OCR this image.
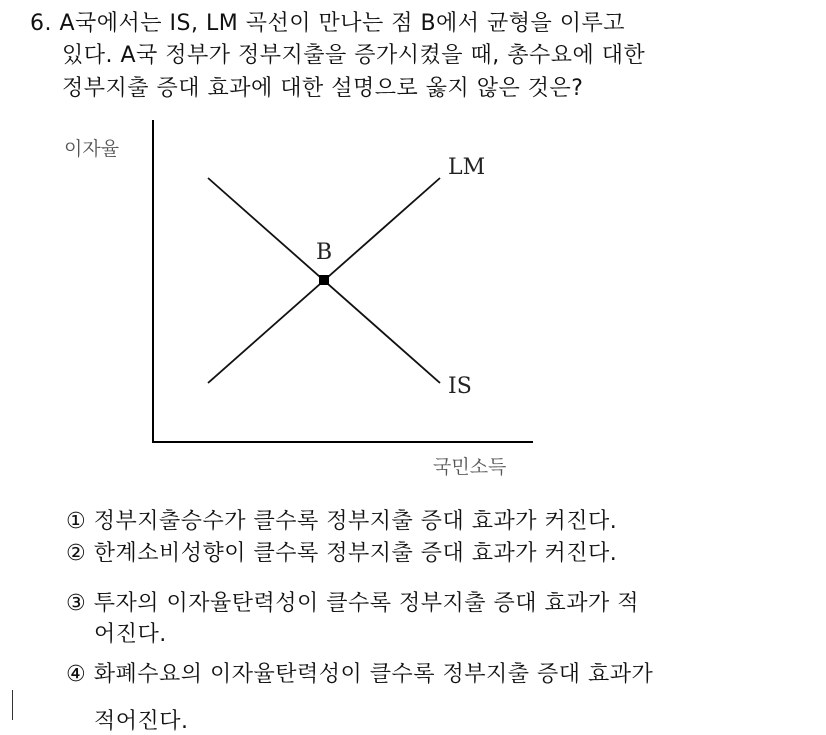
6. A국에서는 IS, LM 곡선이 만나는 점 B에서 균형을 이루고
있다. A국 정부가 정부지출을 증가시켰을 때, 총수요에 대한
정부지출 증대 효과에 대한 설명으로 옳지 않은 것은?
이자율
국민소득
LM
IS
B
① 정부지출승수가 클수록 정부지출 증대 효과가 커진다.
② 한계소비성향이 클수록 정부지출 증대 효과가 커진다.
③ 투자의 이자율탄력성이 클수록 정부지출 증대 효과가 적
어진다.
④ 화폐수요의 이자율탄력성이 클수록 정부지출 증대 효과가
적어진다.
